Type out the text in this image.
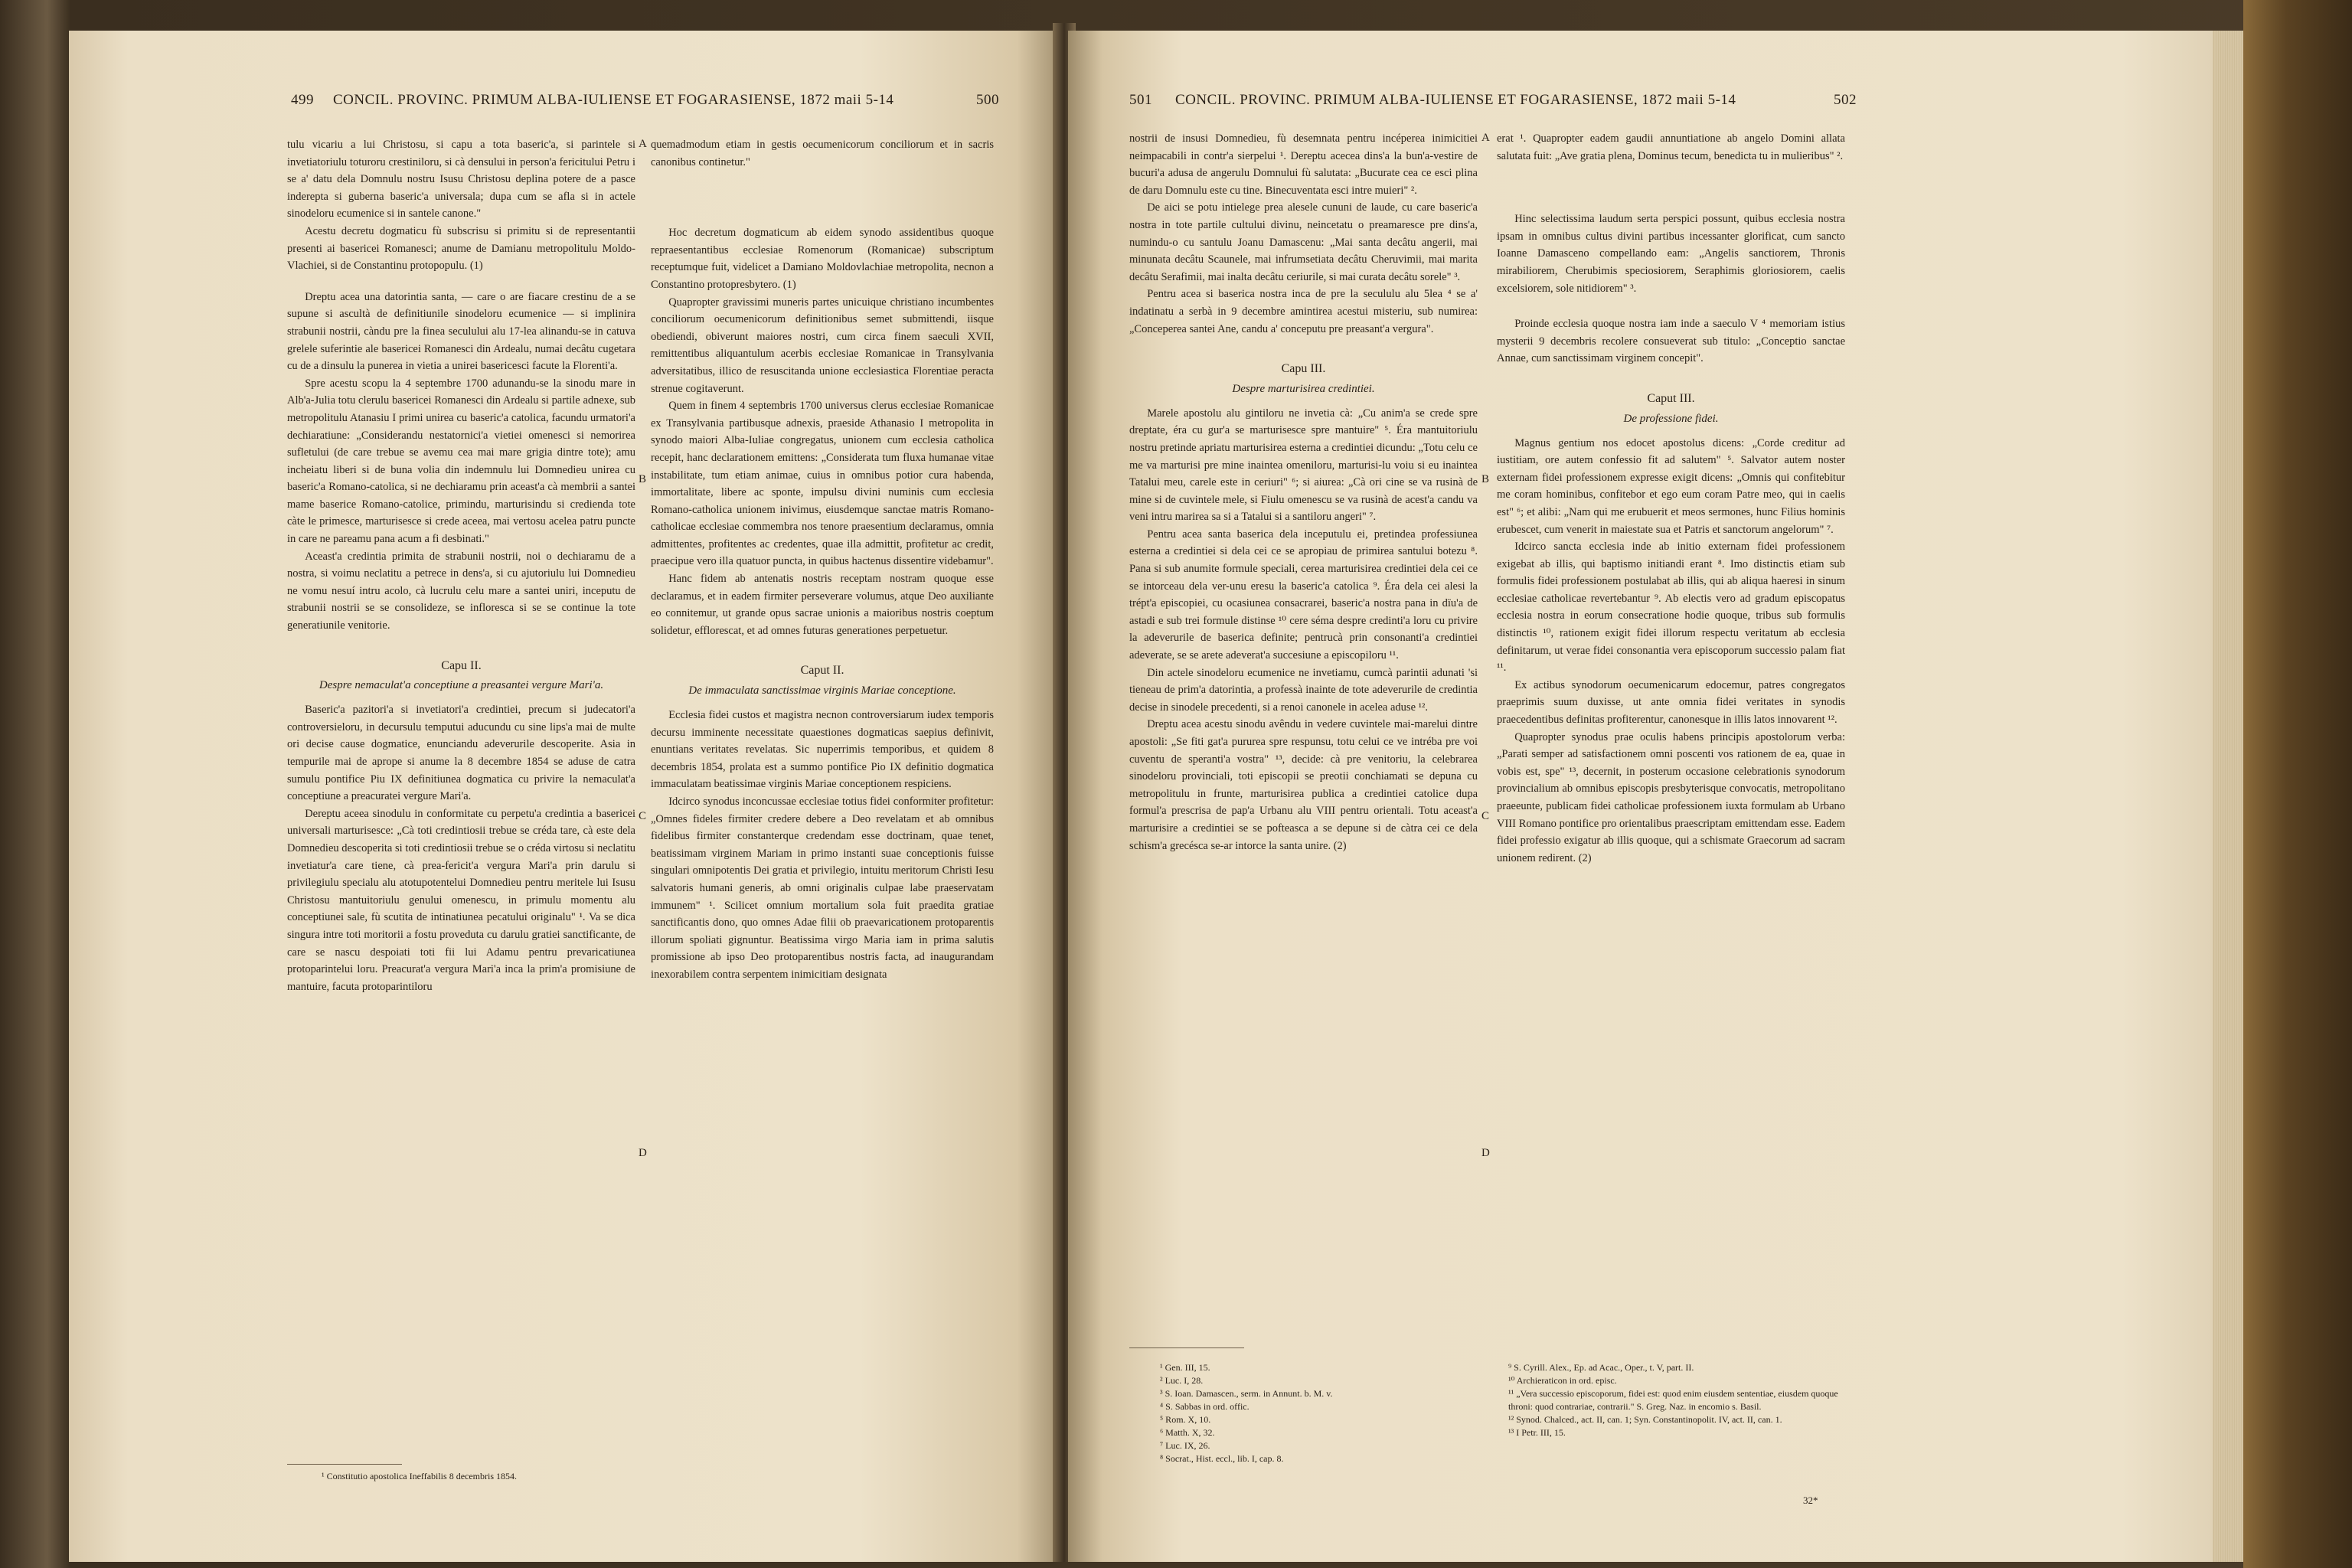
499 CONCIL. PROVINC. PRIMUM ALBA-IULIENSE ET FOGARASIENSE, 1872 maii 5-14	500

tulu vicariu a lui Christosu, si capu a tota baseric'a, si parintele si invetiatoriulu toturoru crestiniloru, si cà densului in person'a fericitului Petru i se a' datu dela Domnulu nostru Isusu Christosu deplina potere de a pasce inderepta si guberna baseric'a universala; dupa cum se afla si in actele sinodeloru ecumenice si in santele canone."

Acestu decretu dogmaticu fù subscrisu si primitu si de representantii presenti ai basericei Romanesci; anume de Damianu metropolitulu Moldo-Vlachiei, si de Constantinu protopopulu. (1)

Dreptu acea una datorintia santa, — care o are fiacare crestinu de a se supune si ascultà de definitiunile sinodeloru ecumenice — si implinira strabunii nostrii, càndu pre la finea seculului alu 17-lea alinandu-se in catuva grelele suferintie ale basericei Romanesci din Ardealu, numai decâtu cugetara cu de a dinsulu la punerea in vietia a unirei basericesci facute la Florenti'a.

Spre acestu scopu la 4 septembre 1700 adunandu-se la sinodu mare in Alb'a-Julia totu clerulu basericei Romanesci din Ardealu si partile adnexe, sub metropolitulu Atanasiu I primi unirea cu baseric'a catolica, facundu urmatori'a dechiaratiune: „Considerandu nestatornici'a vietiei omenesci si nemorirea sufletului (de care trebue se avemu cea mai mare grigia dintre tote); amu incheiatu liberi si de buna volia din indemnulu lui Domnedieu unirea cu baseric'a Romano-catolica, si ne dechiaramu prin aceast'a cà membrii a santei mame baserice Romano-catolice, primindu, marturisindu si credienda tote càte le primesce, marturisesce si crede aceea, mai vertosu acelea patru puncte in care ne pareamu pana acum a fi desbinati."

Aceast'a credintia primita de strabunii nostrii, noi o dechiaramu de a nostra, si voimu neclatitu a petrece in dens'a, si cu ajutoriulu lui Domnedieu ne vomu nesuí intru acolo, cà lucrulu celu mare a santei uniri, inceputu de strabunii nostrii se se consolideze, se infloresca si se se continue la tote generatiunile venitorie.

Capu II.
Despre nemaculat'a conceptiune a preasantei vergure Mari'a.

Baseric'a pazitori'a si invetiatori'a credintiei, precum si judecatori'a controversieloru, in decursulu temputui aducundu cu sine lips'a mai de multe ori decise cause dogmatice, enunciandu adeverurile descoperite. Asia in tempurile mai de aprope si anume la 8 decembre 1854 se aduse de catra sumulu pontifice Piu IX definitiunea dogmatica cu privire la nemaculat'a conceptiune a preacuratei vergure Mari'a.

Dereptu aceea sinodulu in conformitate cu perpetu'a credintia a basericei universali marturisesce: „Cà toti credintiosii trebue se créda tare, cà este dela Domnedieu descoperita si toti credintiosii trebue se o créda virtosu si neclatitu invetiatur'a care tiene, cà prea-fericit'a vergura Mari'a prin darulu si privilegiulu specialu alu atotupotentelui Domnedieu pentru meritele lui Isusu Christosu mantuitoriulu genului omenescu, in primulu momentu alu conceptiunei sale, fù scutita de intinatiunea pecatului originalu" ¹. Va se dica singura intre toti moritorii a fostu proveduta cu darulu gratiei sanctificante, de care se nascu despoiati toti fii lui Adamu pentru prevaricatiunea protoparintelui loru. Preacurat'a vergura Mari'a inca la prim'a promisiune de mantuire, facuta protoparintiloru

quemadmodum etiam in gestis oecumenicorum conciliorum et in sacris canonibus continetur."

Hoc decretum dogmaticum ab eidem synodo assidentibus quoque repraesentantibus ecclesiae Romenorum (Romanicae) subscriptum receptumque fuit, videlicet a Damiano Moldovlachiae metropolita, necnon a Constantino protopresbytero. (1)

Quapropter gravissimi muneris partes unicuique christiano incumbentes conciliorum oecumenicorum definitionibus semet submittendi, iisque obediendi, obiverunt maiores nostri, cum circa finem saeculi XVII, remittentibus aliquantulum acerbis ecclesiae Romanicae in Transylvania adversitatibus, illico de resuscitanda unione ecclesiastica Florentiae peracta strenue cogitaverunt.

Quem in finem 4 septembris 1700 universus clerus ecclesiae Romanicae ex Transylvania partibusque adnexis, praeside Athanasio I metropolita in synodo maiori Alba-Iuliae congregatus, unionem cum ecclesia catholica recepit, hanc declarationem emittens: „Considerata tum fluxa humanae vitae instabilitate, tum etiam animae, cuius in omnibus potior cura habenda, immortalitate, libere ac sponte, impulsu divini numinis cum ecclesia Romano-catholica unionem inivimus, eiusdemque sanctae matris Romano-catholicae ecclesiae commembra nos tenore praesentium declaramus, omnia admittentes, profitentes ac credentes, quae illa admittit, profitetur ac credit, praecipue vero illa quatuor puncta, in quibus hactenus dissentire videbamur".

Hanc fidem ab antenatis nostris receptam nostram quoque esse declaramus, et in eadem firmiter perseverare volumus, atque Deo auxiliante eo connitemur, ut grande opus sacrae unionis a maioribus nostris coeptum solidetur, efflorescat, et ad omnes futuras generationes perpetuetur.

Caput II.
De immaculata sanctissimae virginis Mariae conceptione.

Ecclesia fidei custos et magistra necnon controversiarum iudex temporis decursu imminente necessitate quaestiones dogmaticas saepius definivit, enuntians veritates revelatas. Sic nuperrimis temporibus, et quidem 8 decembris 1854, prolata est a summo pontifice Pio IX definitio dogmatica immaculatam beatissimae virginis Mariae conceptionem respiciens.

Idcirco synodus inconcussae ecclesiae totius fidei conformiter profitetur: „Omnes fideles firmiter credere debere a Deo revelatam et ab omnibus fidelibus firmiter constanterque credendam esse doctrinam, quae tenet, beatissimam virginem Mariam in primo instanti suae conceptionis fuisse singulari omnipotentis Dei gratia et privilegio, intuitu meritorum Christi Iesu salvatoris humani generis, ab omni originalis culpae labe praeservatam immunem" ¹. Scilicet omnium mortalium sola fuit praedita gratiae sanctificantis dono, quo omnes Adae filii ob praevaricationem protoparentis illorum spoliati gignuntur. Beatissima virgo Maria iam in prima salutis promissione ab ipso Deo protoparentibus nostris facta, ad inaugurandam inexorabilem contra serpentem inimicitiam designata

A
B
C
D
¹ Constitutio apostolica Ineffabilis 8 decembris 1854.
501 CONCIL. PROVINC. PRIMUM ALBA-IULIENSE ET FOGARASIENSE, 1872 maii 5-14	502

nostrii de insusi Domnedieu, fù desemnata pentru incéperea inimicitiei neimpacabili in contr'a sierpelui ¹. Dereptu acecea dins'a la bun'a-vestire de bucuri'a adusa de angerulu Domnului fù salutata: „Bucurate cea ce esci plina de daru Domnulu este cu tine. Binecuventata esci intre muieri" ².

De aici se potu intielege prea alesele cununi de laude, cu care baseric'a nostra in tote partile cultului divinu, neincetatu o preamaresce pre dins'a, numindu-o cu santulu Joanu Damascenu: „Mai santa decâtu angerii, mai minunata decâtu Scaunele, mai infrumsetiata decâtu Cheruvimii, mai marita decâtu Serafimii, mai inalta decâtu ceriurile, si mai curata decâtu sorele" ³.

Pentru acea si baserica nostra inca de pre la secululu alu 5lea ⁴ se a' indatinatu a serbà in 9 decembre amintirea acestui misteriu, sub numirea: „Conceperea santei Ane, candu a' conceputu pre preasant'a vergura".

Capu III.
Despre marturisirea credintiei.

Marele apostolu alu gintiloru ne invetia cà: „Cu anim'a se crede spre dreptate, éra cu gur'a se marturisesce spre mantuire" ⁵. Éra mantuitoriulu nostru pretinde apriatu marturisirea esterna a credintiei dicundu: „Totu celu ce me va marturisi pre mine inaintea omeniloru, marturisi-lu voiu si eu inaintea Tatalui meu, carele este in ceriuri" ⁶; si aiurea: „Cà ori cine se va rusinà de mine si de cuvintele mele, si Fiulu omenescu se va rusinà de acest'a candu va veni intru marirea sa si a Tatalui si a santiloru angeri" ⁷.

Pentru acea santa baserica dela inceputulu ei, pretindea professiunea esterna a credintiei si dela cei ce se apropiau de primirea santului botezu ⁸. Pana si sub anumite formule speciali, cerea marturisirea credintiei dela cei ce se intorceau dela ver-unu eresu la baseric'a catolica ⁹. Éra dela cei alesi la trépt'a episcopiei, cu ocasiunea consacrarei, baseric'a nostra pana in dïu'a de astadi e sub trei formule distinse ¹⁰ cere séma despre credinti'a loru cu privire la adeverurile de baserica definite; pentrucà prin consonanti'a credintiei adeverate, se se arete adeverat'a succesiune a episcopiloru ¹¹.

Din actele sinodeloru ecumenice ne invetiamu, cumcà parintii adunati 'si tieneau de prim'a datorintia, a professà inainte de tote adeverurile de credintia decise in sinodele precedenti, si a renoi canonele in acelea aduse ¹².

Dreptu acea acestu sinodu avêndu in vedere cuvintele mai-marelui dintre apostoli: „Se fiti gat'a pururea spre respunsu, totu celui ce ve intréba pre voi cuventu de speranti'a vostra" ¹³, decide: cà pre venitoriu, la celebrarea sinodeloru provinciali, toti episcopii se preotii conchiamati se depuna cu metropolitulu in frunte, marturisirea publica a credintiei catolice dupa formul'a prescrisa de pap'a Urbanu alu VIII pentru orientali. Totu aceast'a marturisire a credintiei se se pofteasca a se depune si de càtra cei ce dela schism'a grecésca se-ar intorce la santa unire. (2)

erat ¹. Quapropter eadem gaudii annuntiatione ab angelo Domini allata salutata fuit: „Ave gratia plena, Dominus tecum, benedicta tu in mulieribus" ².

Hinc selectissima laudum serta perspici possunt, quibus ecclesia nostra ipsam in omnibus cultus divini partibus incessanter glorificat, cum sancto Ioanne Damasceno compellando eam: „Angelis sanctiorem, Thronis mirabiliorem, Cherubimis speciosiorem, Seraphimis gloriosiorem, caelis excelsiorem, sole nitidiorem" ³.

Proinde ecclesia quoque nostra iam inde a saeculo V ⁴ memoriam istius mysterii 9 decembris recolere consueverat sub titulo: „Conceptio sanctae Annae, cum sanctissimam virginem concepit".

Caput III.
De professione fidei.

Magnus gentium nos edocet apostolus dicens: „Corde creditur ad iustitiam, ore autem confessio fit ad salutem" ⁵. Salvator autem noster externam fidei professionem expresse exigit dicens: „Omnis qui confitebitur me coram hominibus, confitebor et ego eum coram Patre meo, qui in caelis est" ⁶; et alibi: „Nam qui me erubuerit et meos sermones, hunc Filius hominis erubescet, cum venerit in maiestate sua et Patris et sanctorum angelorum" ⁷.

Idcirco sancta ecclesia inde ab initio externam fidei professionem exigebat ab illis, qui baptismo initiandi erant ⁸. Imo distinctis etiam sub formulis fidei professionem postulabat ab illis, qui ab aliqua haeresi in sinum ecclesiae catholicae revertebantur ⁹. Ab electis vero ad gradum episcopatus ecclesia nostra in eorum consecratione hodie quoque, tribus sub formulis distinctis ¹⁰, rationem exigit fidei illorum respectu veritatum ab ecclesia definitarum, ut verae fidei consonantia vera episcoporum successio palam fiat ¹¹.

Ex actibus synodorum oecumenicarum edocemur, patres congregatos praeprimis suum duxisse, ut ante omnia fidei veritates in synodis praecedentibus definitas profiterentur, canonesque in illis latos innovarent ¹².

Quapropter synodus prae oculis habens principis apostolorum verba: „Parati semper ad satisfactionem omni poscenti vos rationem de ea, quae in vobis est, spe" ¹³, decernit, in posterum occasione celebrationis synodorum provincialium ab omnibus episcopis presbyterisque convocatis, metropolitano praeeunte, publicam fidei catholicae professionem iuxta formulam ab Urbano VIII Romano pontifice pro orientalibus praescriptam emittendam esse. Eadem fidei professio exigatur ab illis quoque, qui a schismate Graecorum ad sacram unionem redirent. (2)

A
B
C
D
¹ Gen. III, 15.
² Luc. I, 28.
³ S. Ioan. Damascen., serm. in Annunt. b. M. v.
⁴ S. Sabbas in ord. offic.
⁵ Rom. X, 10.
⁶ Matth. X, 32.
⁷ Luc. IX, 26.
⁸ Socrat., Hist. eccl., lib. I, cap. 8.
⁹ S. Cyrill. Alex., Ep. ad Acac., Oper., t. V, part. II.
¹⁰ Archieraticon in ord. episc.
¹¹ „Vera successio episcoporum, fidei est: quod enim eiusdem sententiae, eiusdem quoque throni: quod contrariae, contrarii." S. Greg. Naz. in encomio s. Basil.
¹² Synod. Chalced., act. II, can. 1; Syn. Constantinopolit. IV, act. II, can. 1.
¹³ I Petr. III, 15.
32*
